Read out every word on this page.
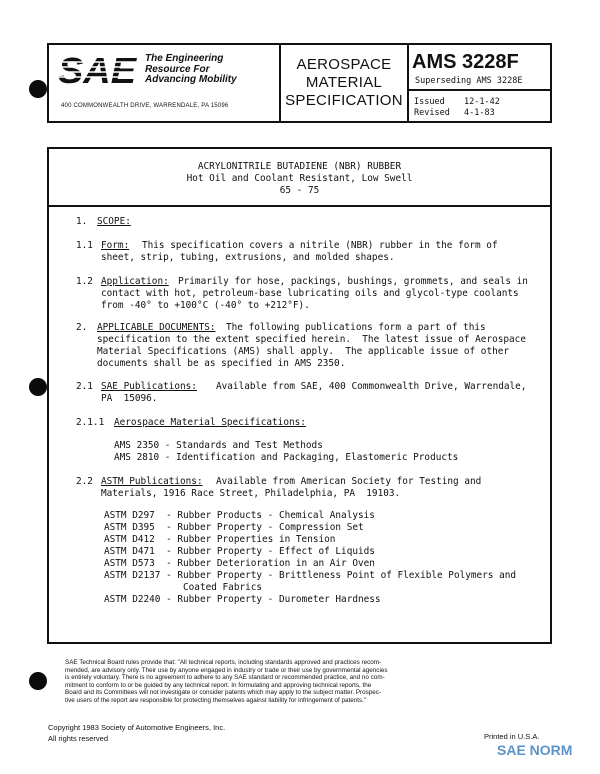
SAE The Engineering
Resource For
Advancing Mobility
400 COMMONWEALTH DRIVE, WARRENDALE, PA 15096
AEROSPACE
MATERIAL
SPECIFICATION
AMS 3228F
Superseding AMS 3228E
Issued 12-1-42
Revised 4-1-83
ACRYLONITRILE BUTADIENE (NBR) RUBBER
Hot Oil and Coolant Resistant, Low Swell
65 - 75
1. SCOPE:
1.1 Form: This specification covers a nitrile (NBR) rubber in the form of
sheet, strip, tubing, extrusions, and molded shapes.
1.2 Application: Primarily for hose, packings, bushings, grommets, and seals in
contact with hot, petroleum-base lubricating oils and glycol-type coolants
from -40° to +100°C (-40° to +212°F).
2. APPLICABLE DOCUMENTS: The following publications form a part of this
specification to the extent specified herein.  The latest issue of Aerospace
Material Specifications (AMS) shall apply.  The applicable issue of other
documents shall be as specified in AMS 2350.
2.1 SAE Publications: Available from SAE, 400 Commonwealth Drive, Warrendale,
PA  15096.
2.1.1 Aerospace Material Specifications:
AMS 2350 - Standards and Test Methods
AMS 2810 - Identification and Packaging, Elastomeric Products
2.2 ASTM Publications: Available from American Society for Testing and
Materials, 1916 Race Street, Philadelphia, PA  19103.
ASTM D297  - Rubber Products - Chemical Analysis
ASTM D395  - Rubber Property - Compression Set
ASTM D412  - Rubber Properties in Tension
ASTM D471  - Rubber Property - Effect of Liquids
ASTM D573  - Rubber Deterioration in an Air Oven
ASTM D2137 - Rubber Property - Brittleness Point of Flexible Polymers and
Coated Fabrics
ASTM D2240 - Rubber Property - Durometer Hardness
SAE Technical Board rules provide that: "All technical reports, including standards approved and practices recom-
mended, are advisory only. Their use by anyone engaged in industry or trade or their use by governmental agencies
is entirely voluntary. There is no agreement to adhere to any SAE standard or recommended practice, and no com-
mitment to conform to or be guided by any technical report. In formulating and approving technical reports, the
Board and its Committees will not investigate or consider patents which may apply to the subject matter. Prospec-
tive users of the report are responsible for protecting themselves against liability for infringement of patents."
Copyright 1983 Society of Automotive Engineers, Inc.
All rights reserved	Printed in U.S.A.
SAE NORM
